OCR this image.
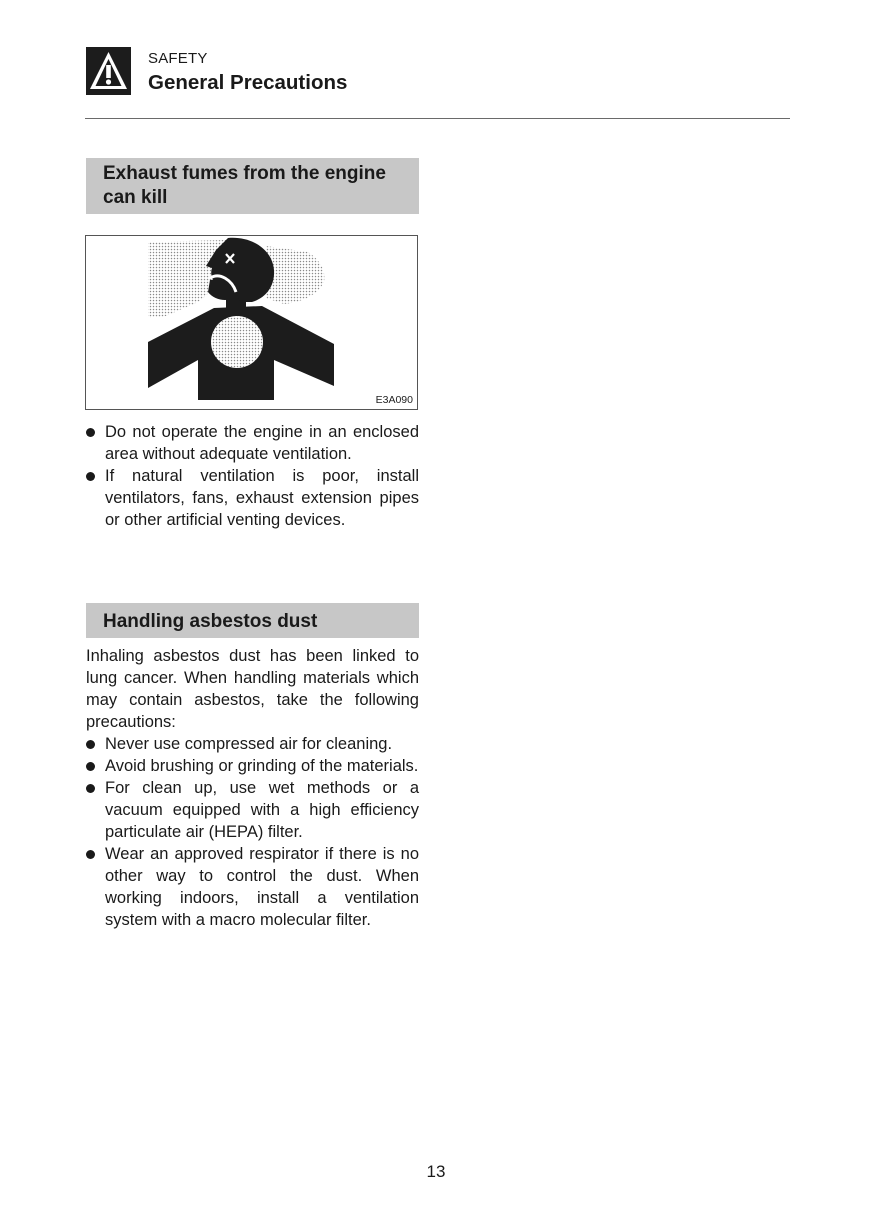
SAFETY
General Precautions
Exhaust fumes from the engine
can kill
E3A090
Do not operate the engine in an enclosed area without adequate ventilation.
If natural ventilation is poor, install ventilators, fans, exhaust extension pipes or other artificial venting devices.
Handling asbestos dust
Inhaling asbestos dust has been linked to lung cancer. When handling materials which may contain asbestos, take the following precautions:
Never use compressed air for cleaning.
Avoid brushing or grinding of the materials.
For clean up, use wet methods or a vacuum equipped with a high efficiency particulate air (HEPA) filter.
Wear an approved respirator if there is no other way to control the dust. When working indoors, install a ventilation system with a macro molecular filter.
13
